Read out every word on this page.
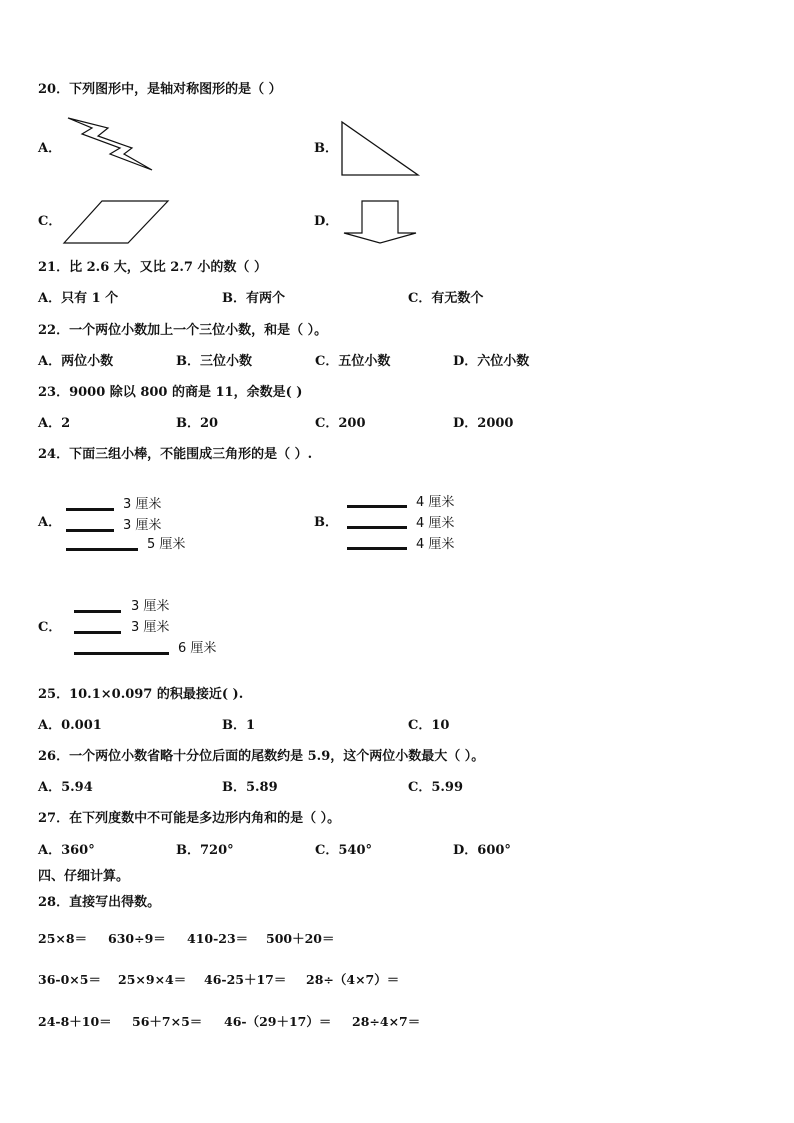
20．下列图形中，是轴对称图形的是（ ）
A．	B．
C．	D．
21．比 2.6 大，又比 2.7 小的数（ ）
A．只有 1 个	B．有两个	C．有无数个
22．一个两位小数加上一个三位小数，和是（ ）。
A．两位小数	B．三位小数	C．五位小数	D．六位小数
23．9000 除以 800 的商是 11，余数是( )
A．2	B．20	C．200	D．2000
24．下面三组小棒，不能围成三角形的是（ ）.
A．
3 厘米
3 厘米
5 厘米
B．
4 厘米
4 厘米
4 厘米
C．
3 厘米
3 厘米
6 厘米
25．10.1×0.097 的积最接近( ).
A．0.001	B．1	C．10
26．一个两位小数省略十分位后面的尾数约是 5.9，这个两位小数最大（ ）。
A．5.94	B．5.89	C．5.99
27．在下列度数中不可能是多边形内角和的是（ ）。
A．360°	B．720°	C．540°	D．600°
四、仔细计算。
28．直接写出得数。
25×8＝ 630÷9＝ 410-23＝ 500＋20＝
36-0×5＝ 25×9×4＝ 46-25＋17＝ 28÷（4×7）＝
24-8＋10＝ 56＋7×5＝ 46-（29＋17）＝ 28÷4×7＝
